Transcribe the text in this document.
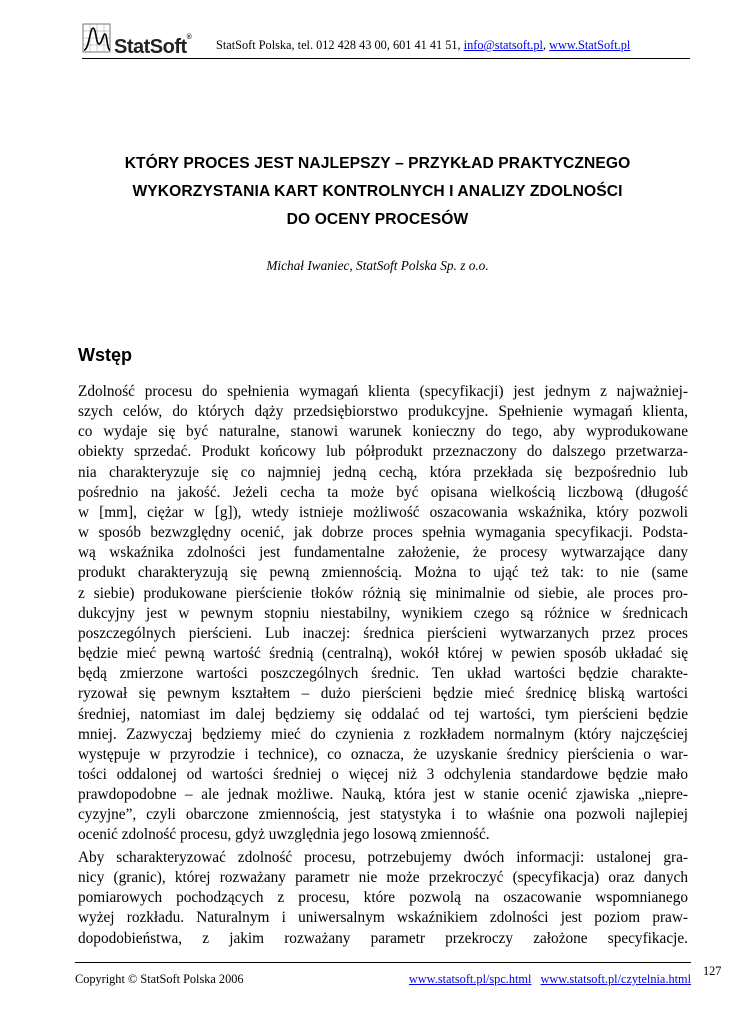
StatSoft®
StatSoft Polska, tel. 012 428 43 00, 601 41 41 51, info@statsoft.pl, www.StatSoft.pl
KTÓRY PROCES JEST NAJLEPSZY – PRZYKŁAD PRAKTYCZNEGO
WYKORZYSTANIA KART KONTROLNYCH I ANALIZY ZDOLNOŚCI
DO OCENY PROCESÓW
Michał Iwaniec, StatSoft Polska Sp. z o.o.
Wstęp
Zdolność procesu do spełnienia wymagań klienta (specyfikacji) jest jednym z najważniej-
szych celów, do których dąży przedsiębiorstwo produkcyjne. Spełnienie wymagań klienta,
co wydaje się być naturalne, stanowi warunek konieczny do tego, aby wyprodukowane
obiekty sprzedać. Produkt końcowy lub półprodukt przeznaczony do dalszego przetwarza-
nia charakteryzuje się co najmniej jedną cechą, która przekłada się bezpośrednio lub
pośrednio na jakość. Jeżeli cecha ta może być opisana wielkością liczbową (długość
w [mm], ciężar w [g]), wtedy istnieje możliwość oszacowania wskaźnika, który pozwoli
w sposób bezwzględny ocenić, jak dobrze proces spełnia wymagania specyfikacji. Podsta-
wą wskaźnika zdolności jest fundamentalne założenie, że procesy wytwarzające dany
produkt charakteryzują się pewną zmiennością. Można to ująć też tak: to nie (same
z siebie) produkowane pierścienie tłoków różnią się minimalnie od siebie, ale proces pro-
dukcyjny jest w pewnym stopniu niestabilny, wynikiem czego są różnice w średnicach
poszczególnych pierścieni. Lub inaczej: średnica pierścieni wytwarzanych przez proces
będzie mieć pewną wartość średnią (centralną), wokół której w pewien sposób układać się
będą zmierzone wartości poszczególnych średnic. Ten układ wartości będzie charakte-
ryzował się pewnym kształtem – dużo pierścieni będzie mieć średnicę bliską wartości
średniej, natomiast im dalej będziemy się oddalać od tej wartości, tym pierścieni będzie
mniej. Zazwyczaj będziemy mieć do czynienia z rozkładem normalnym (który najczęściej
występuje w przyrodzie i technice), co oznacza, że uzyskanie średnicy pierścienia o war-
tości oddalonej od wartości średniej o więcej niż 3 odchylenia standardowe będzie mało
prawdopodobne – ale jednak możliwe. Nauką, która jest w stanie ocenić zjawiska „niepre-
cyzyjne”, czyli obarczone zmiennością, jest statystyka i to właśnie ona pozwoli najlepiej
ocenić zdolność procesu, gdyż uwzględnia jego losową zmienność.
Aby scharakteryzować zdolność procesu, potrzebujemy dwóch informacji: ustalonej gra-
nicy (granic), której rozważany parametr nie może przekroczyć (specyfikacja) oraz danych
pomiarowych pochodzących z procesu, które pozwolą na oszacowanie wspomnianego
wyżej rozkładu. Naturalnym i uniwersalnym wskaźnikiem zdolności jest poziom praw-
dopodobieństwa, z jakim rozważany parametr przekroczy założone specyfikacje.
Copyright © StatSoft Polska 2006	www.statsoft.pl/spc.html www.statsoft.pl/czytelnia.html
127
